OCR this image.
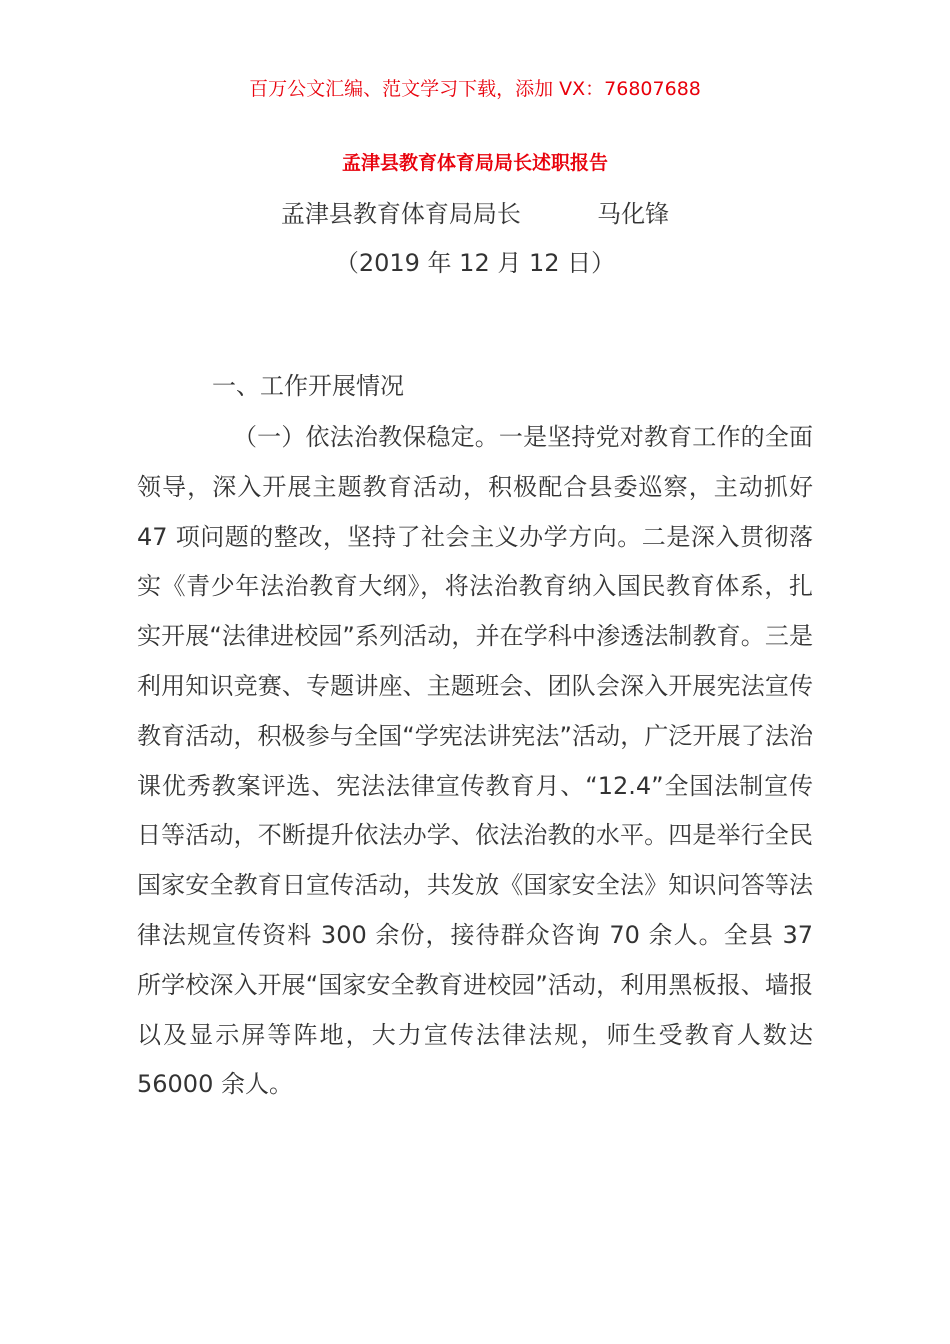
百万公文汇编、范文学习下载，添加 VX：76807688
孟津县教育体育局局长述职报告
孟津县教育体育局局长          马化锋
（2019 年 12 月 12 日）
一、工作开展情况

（一）依法治教保稳定。一是坚持党对教育工作的全面领导，深入开展主题教育活动，积极配合县委巡察，主动抓好 47 项问题的整改，坚持了社会主义办学方向。二是深入贯彻落实《青少年法治教育大纲》，将法治教育纳入国民教育体系，扎实开展“法律进校园”系列活动，并在学科中渗透法制教育。三是利用知识竞赛、专题讲座、主题班会、团队会深入开展宪法宣传教育活动，积极参与全国“学宪法讲宪法”活动，广泛开展了法治课优秀教案评选、宪法法律宣传教育月、“12.4”全国法制宣传日等活动，不断提升依法办学、依法治教的水平。四是举行全民国家安全教育日宣传活动，共发放《国家安全法》知识问答等法律法规宣传资料 300 余份，接待群众咨询 70 余人。全县 37 所学校深入开展“国家安全教育进校园”活动，利用黑板报、墙报以及显示屏等阵地，大力宣传法律法规，师生受教育人数达 56000 余人。
